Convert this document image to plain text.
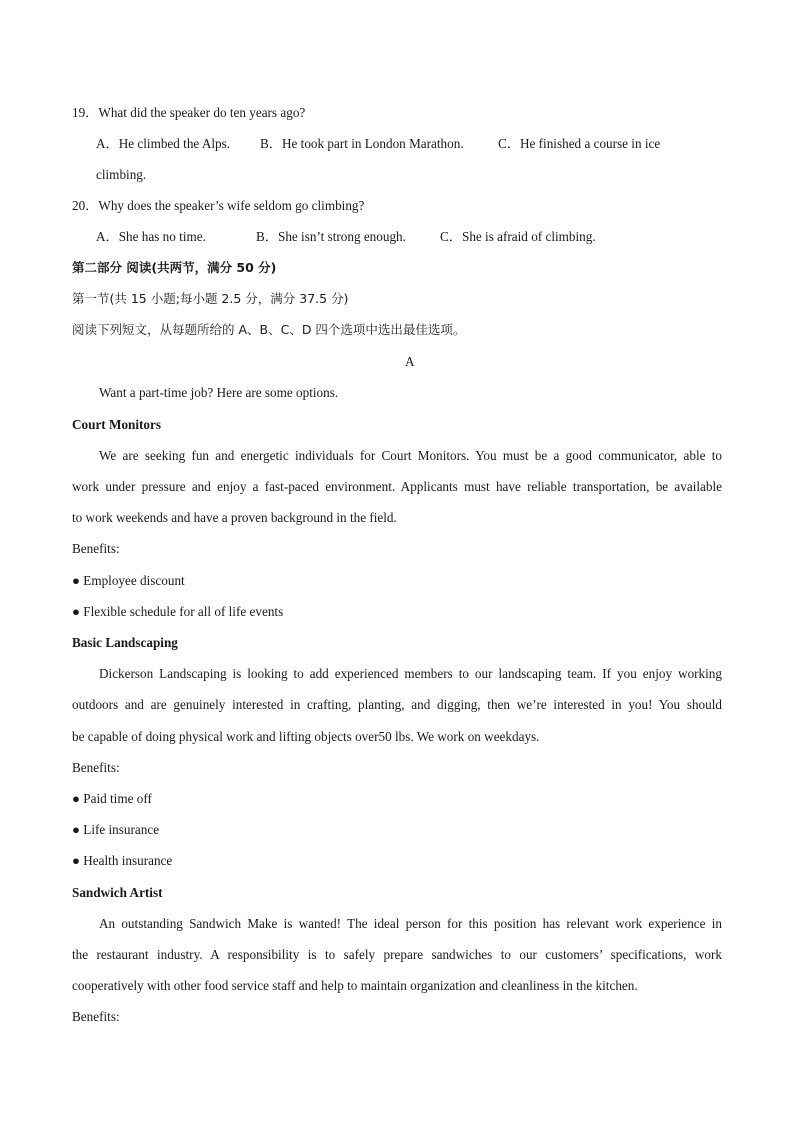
19．What did the speaker do ten years ago?
A．He climbed the Alps. B．He took part in London Marathon.	C．He finished a course in ice
climbing.
20．Why does the speaker’s wife seldom go climbing?
A．She has no time.	B．She isn’t strong enough.	C．She is afraid of climbing.
第二部分 阅读(共两节，满分 50 分)
第一节(共 15 小题;每小题 2.5 分，满分 37.5 分)
阅读下列短文，从每题所给的 A、B、C、D 四个选项中选出最佳选项。
A
Want a part-time job? Here are some options.
Court Monitors
We are seeking fun and energetic individuals for Court Monitors. You must be a good communicator, able to
work under pressure and enjoy a fast-paced environment. Applicants must have reliable transportation, be available
to work weekends and have a proven background in the field.
Benefits:
● Employee discount
● Flexible schedule for all of life events
Basic Landscaping
Dickerson Landscaping is looking to add experienced members to our landscaping team. If you enjoy working
outdoors and are genuinely interested in crafting, planting, and digging, then we’re interested in you! You should
be capable of doing physical work and lifting objects over50 lbs. We work on weekdays.
Benefits:
● Paid time off
● Life insurance
● Health insurance
Sandwich Artist
An outstanding Sandwich Make is wanted! The ideal person for this position has relevant work experience in
the restaurant industry. A responsibility is to safely prepare sandwiches to our customers’ specifications, work
cooperatively with other food service staff and help to maintain organization and cleanliness in the kitchen.
Benefits:
